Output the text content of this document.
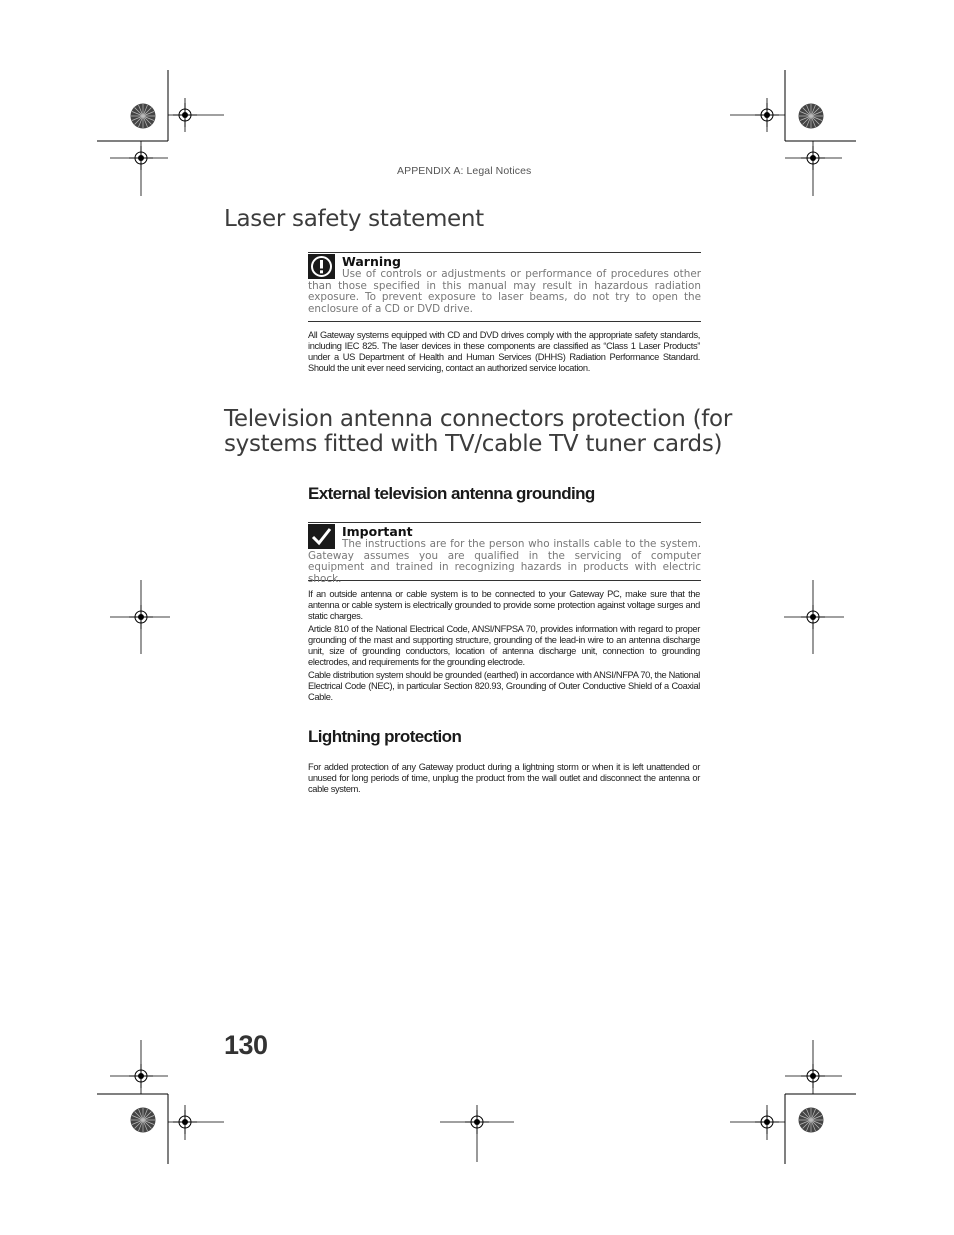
APPENDIX A: Legal Notices
Laser safety statement
Warning
Use of controls or adjustments or performance of procedures other than those specified in this manual may result in hazardous radiation exposure. To prevent exposure to laser beams, do not try to open the enclosure of a CD or DVD drive.

All Gateway systems equipped with CD and DVD drives comply with the appropriate safety standards, including IEC 825. The laser devices in these components are classified as “Class 1 Laser Products” under a US Department of Health and Human Services (DHHS) Radiation Performance Standard. Should the unit ever need servicing, contact an authorized service location.

Television antenna connectors protection (for systems fitted with TV/cable TV tuner cards)
External television antenna grounding
Important
The instructions are for the person who installs cable to the system. Gateway assumes you are qualified in the servicing of computer equipment and trained in recognizing hazards in products with electric shock.

If an outside antenna or cable system is to be connected to your Gateway PC, make sure that the antenna or cable system is electrically grounded to provide some protection against voltage surges and static charges.

Article 810 of the National Electrical Code, ANSI/NFPSA 70, provides information with regard to proper grounding of the mast and supporting structure, grounding of the lead-in wire to an antenna discharge unit, size of grounding conductors, location of antenna discharge unit, connection to grounding electrodes, and requirements for the grounding electrode.

Cable distribution system should be grounded (earthed) in accordance with ANSI/NFPA 70, the National Electrical Code (NEC), in particular Section 820.93, Grounding of Outer Conductive Shield of a Coaxial Cable.

Lightning protection

For added protection of any Gateway product during a lightning storm or when it is left unattended or unused for long periods of time, unplug the product from the wall outlet and disconnect the antenna or cable system.

130
